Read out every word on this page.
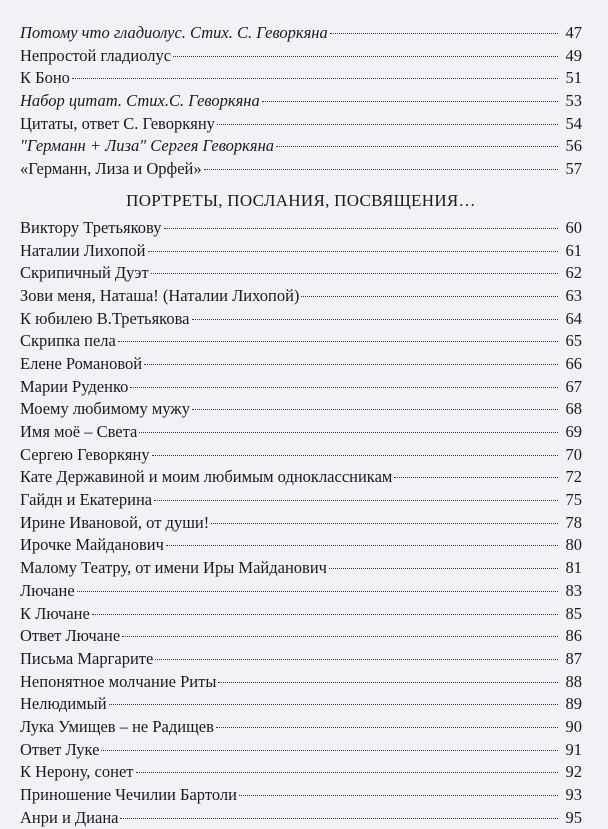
Потому что гладиолус. Стих. С. Геворкяна	47
Непростой гладиолус	49
К Боно	51
Набор цитат. Стих.С. Геворкяна	53
Цитаты, ответ С. Геворкяну	54
"Германн + Лиза" Сергея Геворкяна	56
«Германн, Лиза и Орфей»	57
ПОРТРЕТЫ, ПОСЛАНИЯ, ПОСВЯЩЕНИЯ…
Виктору Третьякову	60
Наталии Лихопой	61
Скрипичный Дуэт	62
Зови меня, Наташа! (Наталии Лихопой)	63
К юбилею В.Третьякова	64
Скрипка пела	65
Елене Романовой	66
Марии Руденко	67
Моему любимому мужу	68
Имя моё – Света	69
Сергею Геворкяну	70
Кате Державиной и моим любимым одноклассникам	72
Гайдн и Екатерина	75
Ирине Ивановой, от души!	78
Ирочке Майданович	80
Малому Театру, от имени Иры Майданович	81
Лючане	83
К Лючане	85
Ответ Лючане	86
Письма Маргарите	87
Непонятное молчание Риты	88
Нелюдимый	89
Лука Умищев – не Радищев	90
Ответ Луке	91
К Нерону, сонет	92
Приношение Чечилии Бартоли	93
Анри и Диана	95
